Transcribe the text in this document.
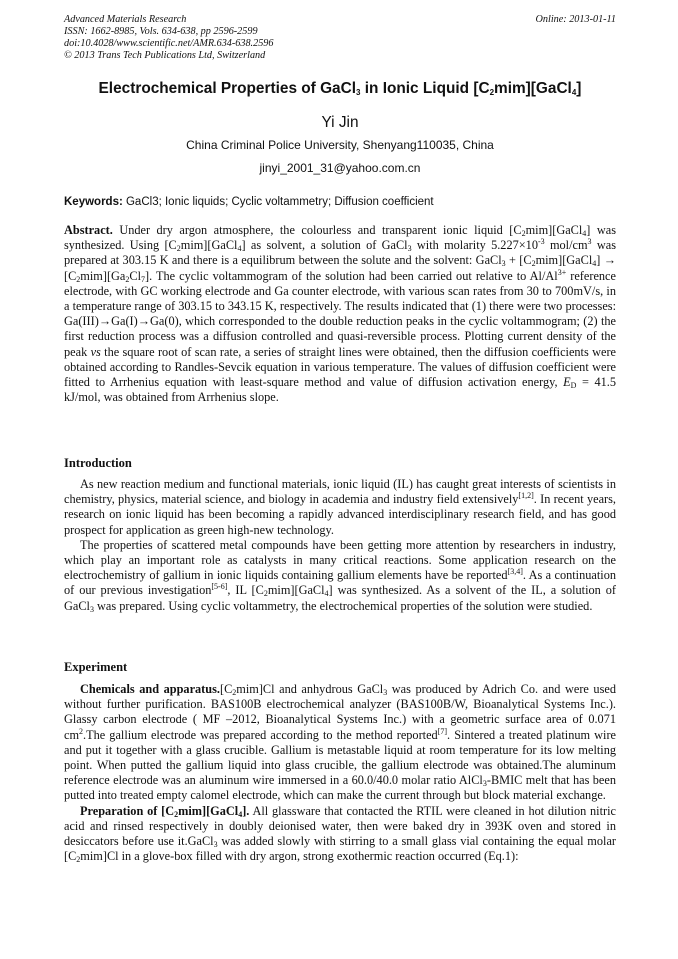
Advanced Materials Research
ISSN: 1662-8985, Vols. 634-638, pp 2596-2599
doi:10.4028/www.scientific.net/AMR.634-638.2596
© 2013 Trans Tech Publications Ltd, Switzerland
Online: 2013-01-11
Electrochemical Properties of GaCl$_3$ in Ionic Liquid $[C_2mim][GaCl_4]$
Yi Jin
China Criminal Police University, Shenyang110035, China
jinyi_2001_31@yahoo.com.cn
Keywords: GaCl3; Ionic liquids; Cyclic voltammetry; Diffusion coefficient

Abstract. Under dry argon atmosphere, the colourless and transparent ionic liquid $[C_2mim][GaCl_4]$ was synthesized. Using $[C_2mim][GaCl_4]$ as solvent, a solution of GaCl$_3$ with molarity $5.227\times 10^{-3}$ mol/$cm^3$ was prepared at 303.15 K and there is a equilibrum between the solute and the solvent: GaCl$_3$ + $[C_2mim][GaCl_4] \to [C_2mim][Ga_2Cl_7]$. The cyclic voltammogram of the solution had been carried out relative to $Al/Al^{3+}$ reference electrode, with GC working electrode and Ga counter electrode, with various scan rates from 30 to 700mV/s, in a temperature range of 303.15 to 343.15 K, respectively. The results indicated that (1) there were two processes: Ga(III)→Ga(I)→Ga(0), which corresponded to the double reduction peaks in the cyclic voltammogram; (2) the first reduction process was a diffusion controlled and quasi-reversible process. Plotting current density of the peak vs the square root of scan rate, a series of straight lines were obtained, then the diffusion coefficients were obtained according to Randles-Sevcik equation in various temperature. The values of diffusion coefficient were fitted to Arrhenius equation with least-square method and value of diffusion activation energy, $E_D = 41.5$ kJ/mol, was obtained from Arrhenius slope.

Introduction

As new reaction medium and functional materials, ionic liquid (IL) has caught great interests of scientists in chemistry, physics, material science, and biology in academia and industry field extensively[1,2]. In recent years, research on ionic liquid has been becoming a rapidly advanced interdisciplinary research field, and has good prospect for application as green high-new technology.

The properties of scattered metal compounds have been getting more attention by researchers in industry, which play an important role as catalysts in many critical reactions. Some application research on the electrochemistry of gallium in ionic liquids containing gallium elements have be reported[3,4]. As a continuation of our previous investigation[5-6], IL $[C_2mim][GaCl_4]$ was synthesized. As a solvent of the IL, a solution of GaCl$_3$ was prepared. Using cyclic voltammetry, the electrochemical properties of the solution were studied.

Experiment

Chemicals and $apparatus.[C_2mim]Cl$ and anhydrous GaCl$_3$ was produced by Adrich Co. and were used without further purification. BAS100B electrochemical analyzer (BAS100B/W, Bioanalytical Systems Inc.). Glassy carbon electrode ( MF –2012, Bioanalytical Systems Inc.) with a geometric surface area of 0.071 $cm^2.The$ gallium electrode was prepared according to the method reported[7]. Sintered a treated platinum wire and put it together with a glass crucible. Gallium is metastable liquid at room temperature for its low melting point. When putted the gallium liquid into glass crucible, the gallium electrode was obtained.The aluminum reference electrode was an aluminum wire immersed in a 60.0/40.0 molar ratio AlCl$_3$-BMIC melt that has been putted into treated empty calomel electrode, which can make the current through but block material exchange.

Preparation of $[C_2mim][GaCl_4]$. All glassware that contacted the RTIL were cleaned in hot dilution nitric acid and rinsed respectively in doubly deionised water, then were baked dry in 393K oven and stored in desiccators before use it.GaCl$_3$ was added slowly with stirring to a small glass vial containing the equal molar $[C_2mim]Cl$ in a glove-box filled with dry argon, strong exothermic reaction occurred (Eq.1):
